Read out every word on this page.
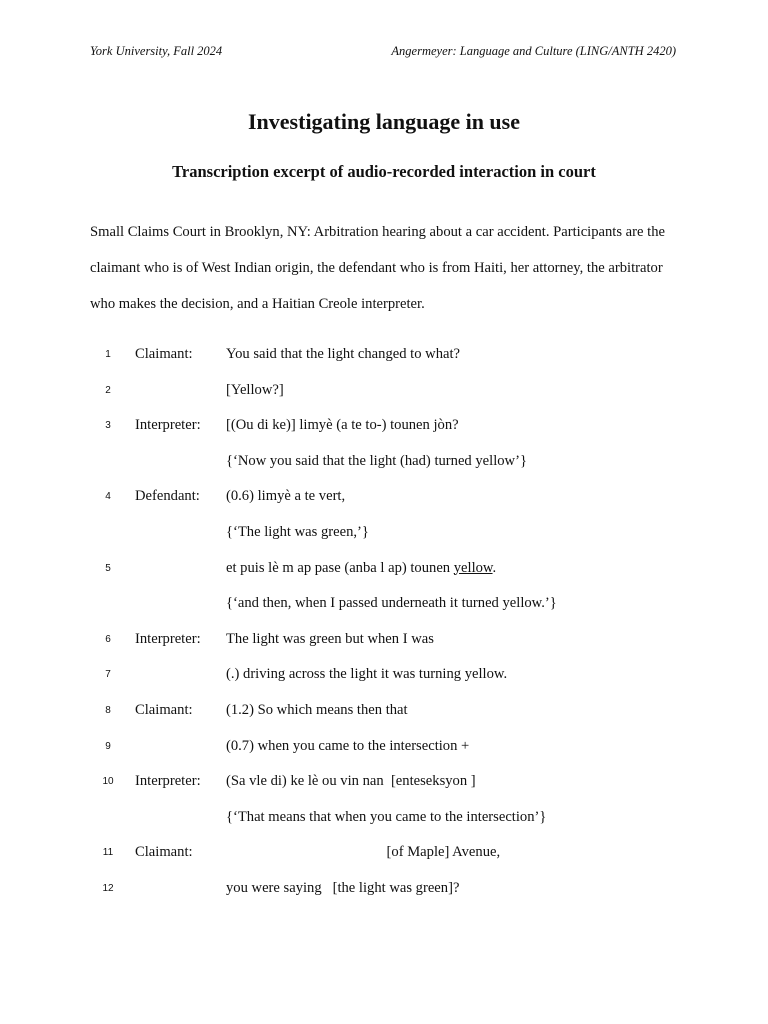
York University, Fall 2024	Angermeyer: Language and Culture (LING/ANTH 2420)
Investigating language in use
Transcription excerpt of audio-recorded interaction in court
Small Claims Court in Brooklyn, NY: Arbitration hearing about a car accident. Participants are the claimant who is of West Indian origin, the defendant who is from Haiti, her attorney, the arbitrator who makes the decision, and a Haitian Creole interpreter.
1	Claimant: You said that the light changed to what?
2	[Yellow?]
3	Interpreter: [(Ou di ke)] limyè (a te to-) tounen jòn?
{‘Now you said that the light (had) turned yellow’}
4	Defendant: (0.6) limyè a te vert,
{‘The light was green,’}
5	et puis lè m ap pase (anba l ap) tounen yellow.
{‘and then, when I passed underneath it turned yellow.’}
6	Interpreter: The light was green but when I was
7	(.) driving across the light it was turning yellow.
8	Claimant: (1.2) So which means then that
9	(0.7) when you came to the intersection +
10	Interpreter: (Sa vle di) ke lè ou vin nan  [enteseksyon ]
{‘That means that when you came to the intersection’}
11	Claimant: [of Maple] Avenue,
12	you were saying   [the light was green]?
